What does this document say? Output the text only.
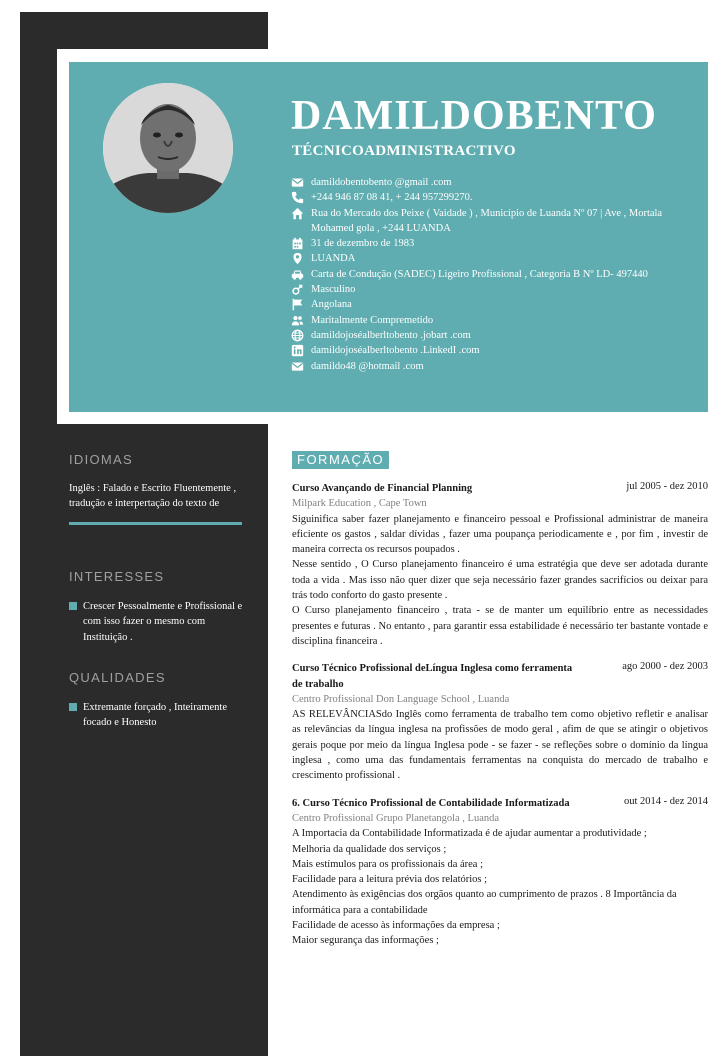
DAMILDOBENTO
TÉCNICOADMINISTRACTIVO
damildobentobento @gmail .com
+244 946 87 08 41, + 244 957299270.
Rua do Mercado dos Peixe ( Vaidade ) , Município de Luanda Nº 07 | Ave , Mortala Mohamed gola , +244 LUANDA
31 de dezembro de 1983
LUANDA
Carta de Condução (SADEC) Ligeiro Profissional , Categoria B Nº LD- 497440
Masculino
Angolana
Maritalmente Compremetido
damildojoséalberltobento .jobart .com
damildojoséalberltobento .LinkedI .com
damildo48 @hotmail .com
IDIOMAS
Inglês : Falado e Escrito Fluentemente , tradução e interpertação do texto de
INTERESSES
Crescer Pessoalmente e Profissional e com isso fazer o mesmo com Instituição .
QUALIDADES
Extremante forçado , Inteiramente focado e Honesto
FORMAÇÃO
Curso Avançando de Financial Planning	jul 2005 - dez 2010
Milpark Education , Cape Town

Siguinifica saber fazer planejamento e financeiro pessoal e Profissional administrar de maneira eficiente os gastos , saldar dívidas , fazer uma poupança periodicamente e , por fim , investir de maneira correcta os recursos poupados .

Nesse sentido , O Curso planejamento financeiro é uma estratégia que deve ser adotada durante toda a vida . Mas isso não quer dizer que seja necessário fazer grandes sacrifícios ou deixar para trás todo conforto do gasto presente .

O Curso planejamento financeiro , trata - se de manter um equilíbrio entre as necessidades presentes e futuras . No entanto , para garantir essa estabilidade é necessário ter bastante vontade e disciplina financeira .

Curso Técnico Profissional deLíngua Inglesa como ferramenta de trabalho
ago 2000 - dez 2003
Centro Profissional Don Language School , Luanda

AS RELEVÂNCIASdo Inglês como ferramenta de trabalho tem como objetivo refletir e analisar as relevâncias da língua inglesa na profissões de modo geral , afim de que se atingir o objetivos gerais poque por meio da língua Inglesa pode - se fazer - se refleções sobre o domínio da língua inglesa , como uma das fundamentais ferramentas na conquista do mercado de trabalho e crescimento profissional .

6. Curso Técnico Profissional de Contabilidade Informatizada	out 2014 - dez 2014
Centro Profissional Grupo Planetangola , Luanda

A Importacia da Contabilidade Informatizada é de ajudar aumentar a produtividade ;

Melhoria da qualidade dos serviços ;

Mais estímulos para os profissionais da área ;

Facilidade para a leitura prévia dos relatórios ;

Atendimento às exigências dos orgãos quanto ao cumprimento de prazos . 8 Importância da informática para a contabilidade

Facilidade de acesso às informações da empresa ;

Maior segurança das informações ;
